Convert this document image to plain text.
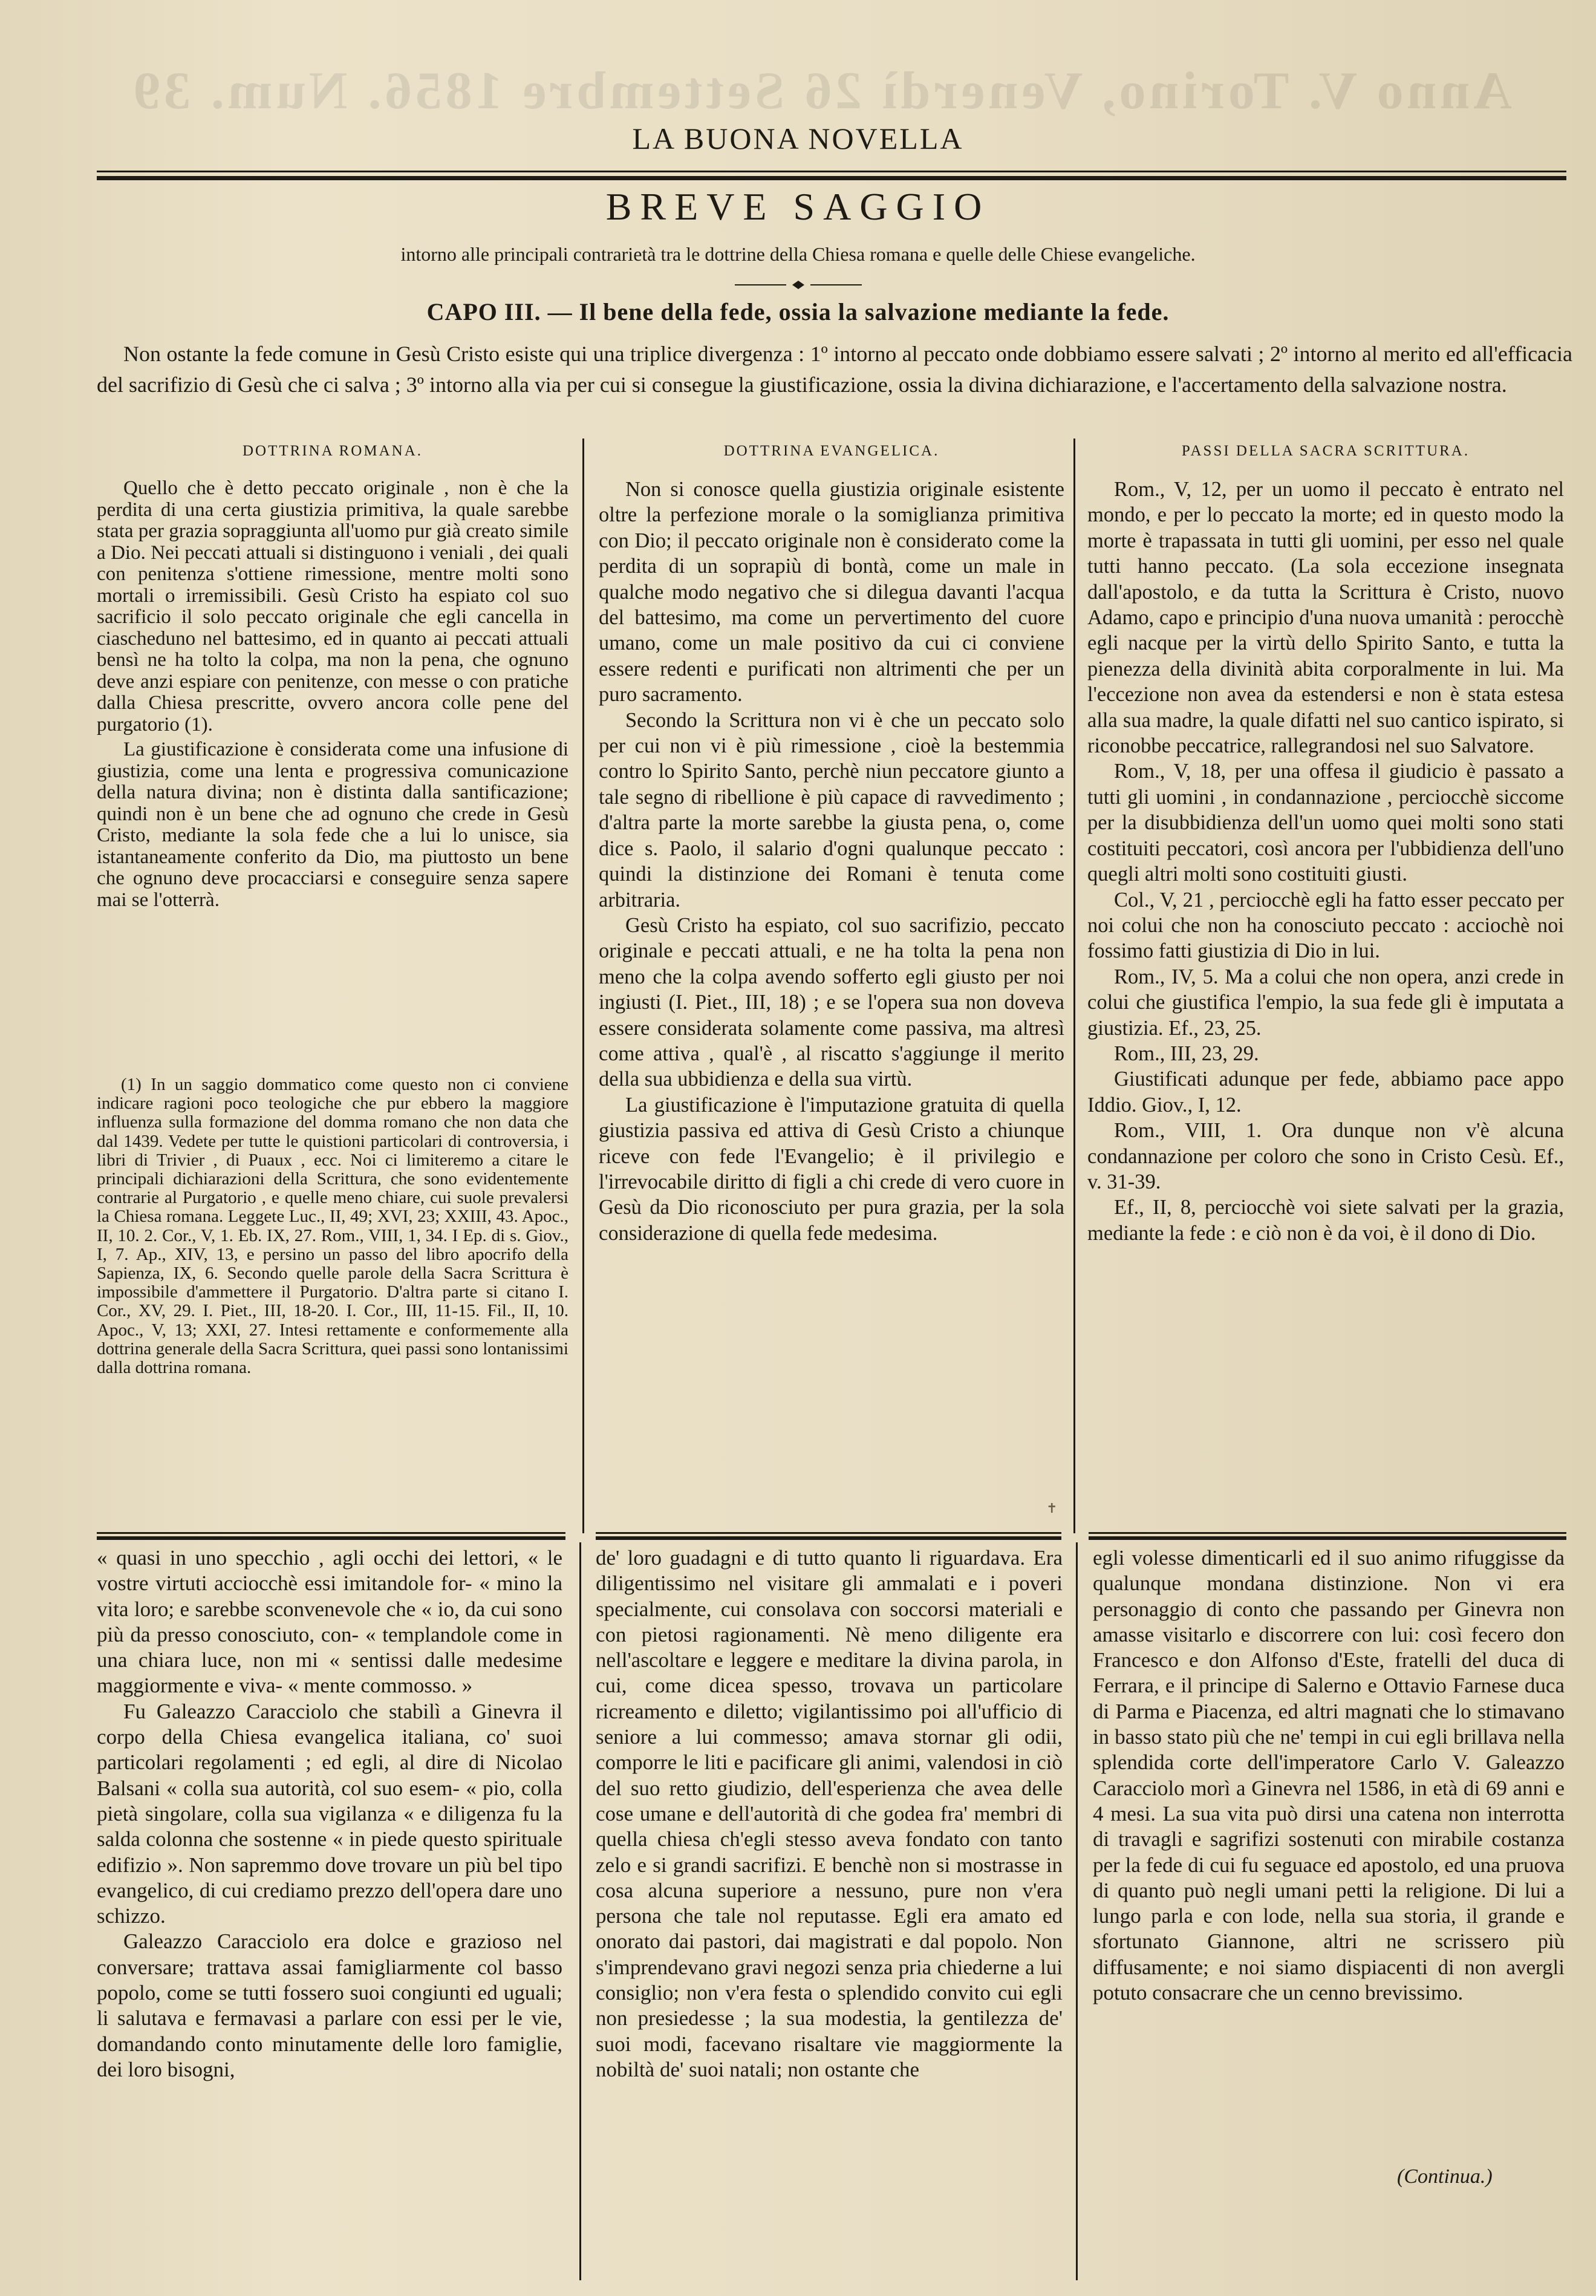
Anno V. Torino, Venerdì 26 Settembre 1856. Num. 39
LA BUONA NOVELLA
BREVE SAGGIO
intorno alle principali contrarietà tra le dottrine della Chiesa romana e quelle delle Chiese evangeliche.
CAPO III. — Il bene della fede, ossia la salvazione mediante la fede.
Non ostante la fede comune in Gesù Cristo esiste qui una triplice divergenza : 1º intorno al peccato onde dobbiamo essere salvati ; 2º intorno al merito ed all'efficacia del sacrifizio di Gesù che ci salva ; 3º intorno alla via per cui si consegue la giustificazione, ossia la divina dichiarazione, e l'accertamento della salvazione nostra.
DOTTRINA ROMANA.	DOTTRINA EVANGELICA.	PASSI DELLA SACRA SCRITTURA.

Quello che è detto peccato originale , non è che la perdita di una certa giustizia primitiva, la quale sarebbe stata per grazia sopraggiunta all'uomo pur già creato simile a Dio. Nei peccati attuali si distinguono i veniali , dei quali con penitenza s'ottiene rimessione, mentre molti sono mortali o irremissibili. Gesù Cristo ha espiato col suo sacrificio il solo peccato originale che egli cancella in ciascheduno nel battesimo, ed in quanto ai peccati attuali bensì ne ha tolto la colpa, ma non la pena, che ognuno deve anzi espiare con penitenze, con messe o con pratiche dalla Chiesa prescritte, ovvero ancora colle pene del purgatorio (1).

La giustificazione è considerata come una infusione di giustizia, come una lenta e progressiva comunicazione della natura divina; non è distinta dalla santificazione; quindi non è un bene che ad ognuno che crede in Gesù Cristo, mediante la sola fede che a lui lo unisce, sia istantaneamente conferito da Dio, ma piuttosto un bene che ognuno deve procacciarsi e conseguire senza sapere mai se l'otterrà.

(1) In un saggio dommatico come questo non ci conviene indicare ragioni poco teologiche che pur ebbero la maggiore influenza sulla formazione del domma romano che non data che dal 1439. Vedete per tutte le quistioni particolari di controversia, i libri di Trivier , di Puaux , ecc. Noi ci limiteremo a citare le principali dichiarazioni della Scrittura, che sono evidentemente contrarie al Purgatorio , e quelle meno chiare, cui suole prevalersi la Chiesa romana. Leggete Luc., II, 49; XVI, 23; XXIII, 43. Apoc., II, 10. 2. Cor., V, 1. Eb. IX, 27. Rom., VIII, 1, 34. I Ep. di s. Giov., I, 7. Ap., XIV, 13, e persino un passo del libro apocrifo della Sapienza, IX, 6. Secondo quelle parole della Sacra Scrittura è impossibile d'ammettere il Purgatorio. D'altra parte si citano I. Cor., XV, 29. I. Piet., III, 18-20. I. Cor., III, 11-15. Fil., II, 10. Apoc., V, 13; XXI, 27. Intesi rettamente e conformemente alla dottrina generale della Sacra Scrittura, quei passi sono lontanissimi dalla dottrina romana.

Non si conosce quella giustizia originale esistente oltre la perfezione morale o la somiglianza primitiva con Dio; il peccato originale non è considerato come la perdita di un soprapiù di bontà, come un male in qualche modo negativo che si dilegua davanti l'acqua del battesimo, ma come un pervertimento del cuore umano, come un male positivo da cui ci conviene essere redenti e purificati non altrimenti che per un puro sacramento.

Secondo la Scrittura non vi è che un peccato solo per cui non vi è più rimessione , cioè la bestemmia contro lo Spirito Santo, perchè niun peccatore giunto a tale segno di ribellione è più capace di ravvedimento ; d'altra parte la morte sarebbe la giusta pena, o, come dice s. Paolo, il salario d'ogni qualunque peccato : quindi la distinzione dei Romani è tenuta come arbitraria.

Gesù Cristo ha espiato, col suo sacrifizio, peccato originale e peccati attuali, e ne ha tolta la pena non meno che la colpa avendo sofferto egli giusto per noi ingiusti (I. Piet., III, 18) ; e se l'opera sua non doveva essere considerata solamente come passiva, ma altresì come attiva , qual'è , al riscatto s'aggiunge il merito della sua ubbidienza e della sua virtù.

La giustificazione è l'imputazione gratuita di quella giustizia passiva ed attiva di Gesù Cristo a chiunque riceve con fede l'Evangelio; è il privilegio e l'irrevocabile diritto di figli a chi crede di vero cuore in Gesù da Dio riconosciuto per pura grazia, per la sola considerazione di quella fede medesima.

Rom., V, 12, per un uomo il peccato è entrato nel mondo, e per lo peccato la morte; ed in questo modo la morte è trapassata in tutti gli uomini, per esso nel quale tutti hanno peccato. (La sola eccezione insegnata dall'apostolo, e da tutta la Scrittura è Cristo, nuovo Adamo, capo e principio d'una nuova umanità : perocchè egli nacque per la virtù dello Spirito Santo, e tutta la pienezza della divinità abita corporalmente in lui. Ma l'eccezione non avea da estendersi e non è stata estesa alla sua madre, la quale difatti nel suo cantico ispirato, si riconobbe peccatrice, rallegrandosi nel suo Salvatore.

Rom., V, 18, per una offesa il giudicio è passato a tutti gli uomini , in condannazione , perciocchè siccome per la disubbidienza dell'un uomo quei molti sono stati costituiti peccatori, così ancora per l'ubbidienza dell'uno quegli altri molti sono costituiti giusti.

Col., V, 21 , perciocchè egli ha fatto esser peccato per noi colui che non ha conosciuto peccato : acciochè noi fossimo fatti giustizia di Dio in lui.

Rom., IV, 5. Ma a colui che non opera, anzi crede in colui che giustifica l'empio, la sua fede gli è imputata a giustizia. Ef., 23, 25.

Rom., III, 23, 29.

Giustificati adunque per fede, abbiamo pace appo Iddio. Giov., I, 12.

Rom., VIII, 1. Ora dunque non v'è alcuna condannazione per coloro che sono in Cristo Cesù. Ef., v. 31-39.

Ef., II, 8, perciocchè voi siete salvati per la grazia, mediante la fede : e ciò non è da voi, è il dono di Dio.

✝

« quasi in uno specchio , agli occhi dei lettori, « le vostre virtuti acciocchè essi imitandole for- « mino la vita loro; e sarebbe sconvenevole che « io, da cui sono più da presso conosciuto, con- « templandole come in una chiara luce, non mi « sentissi dalle medesime maggiormente e viva- « mente commosso. »

Fu Galeazzo Caracciolo che stabilì a Ginevra il corpo della Chiesa evangelica italiana, co' suoi particolari regolamenti ; ed egli, al dire di Nicolao Balsani « colla sua autorità, col suo esem- « pio, colla pietà singolare, colla sua vigilanza « e diligenza fu la salda colonna che sostenne « in piede questo spirituale edifizio ». Non sapremmo dove trovare un più bel tipo evangelico, di cui crediamo prezzo dell'opera dare uno schizzo.

Galeazzo Caracciolo era dolce e grazioso nel conversare; trattava assai famigliarmente col basso popolo, come se tutti fossero suoi congiunti ed uguali; li salutava e fermavasi a parlare con essi per le vie, domandando conto minutamente delle loro famiglie, dei loro bisogni,

de' loro guadagni e di tutto quanto li riguardava. Era diligentissimo nel visitare gli ammalati e i poveri specialmente, cui consolava con soccorsi materiali e con pietosi ragionamenti. Nè meno diligente era nell'ascoltare e leggere e meditare la divina parola, in cui, come dicea spesso, trovava un particolare ricreamento e diletto; vigilantissimo poi all'ufficio di seniore a lui commesso; amava stornar gli odii, comporre le liti e pacificare gli animi, valendosi in ciò del suo retto giudizio, dell'esperienza che avea delle cose umane e dell'autorità di che godea fra' membri di quella chiesa ch'egli stesso aveva fondato con tanto zelo e si grandi sacrifizi. E benchè non si mostrasse in cosa alcuna superiore a nessuno, pure non v'era persona che tale nol reputasse. Egli era amato ed onorato dai pastori, dai magistrati e dal popolo. Non s'imprendevano gravi negozi senza pria chiederne a lui consiglio; non v'era festa o splendido convito cui egli non presiedesse ; la sua modestia, la gentilezza de' suoi modi, facevano risaltare vie maggiormente la nobiltà de' suoi natali; non ostante che

egli volesse dimenticarli ed il suo animo rifuggisse da qualunque mondana distinzione. Non vi era personaggio di conto che passando per Ginevra non amasse visitarlo e discorrere con lui: così fecero don Francesco e don Alfonso d'Este, fratelli del duca di Ferrara, e il principe di Salerno e Ottavio Farnese duca di Parma e Piacenza, ed altri magnati che lo stimavano in basso stato più che ne' tempi in cui egli brillava nella splendida corte dell'imperatore Carlo V. Galeazzo Caracciolo morì a Ginevra nel 1586, in età di 69 anni e 4 mesi. La sua vita può dirsi una catena non interrotta di travagli e sagrifizi sostenuti con mirabile costanza per la fede di cui fu seguace ed apostolo, ed una pruova di quanto può negli umani petti la religione. Di lui a lungo parla e con lode, nella sua storia, il grande e sfortunato Giannone, altri ne scrissero più diffusamente; e noi siamo dispiacenti di non avergli potuto consacrare che un cenno brevissimo.

(Continua.)
